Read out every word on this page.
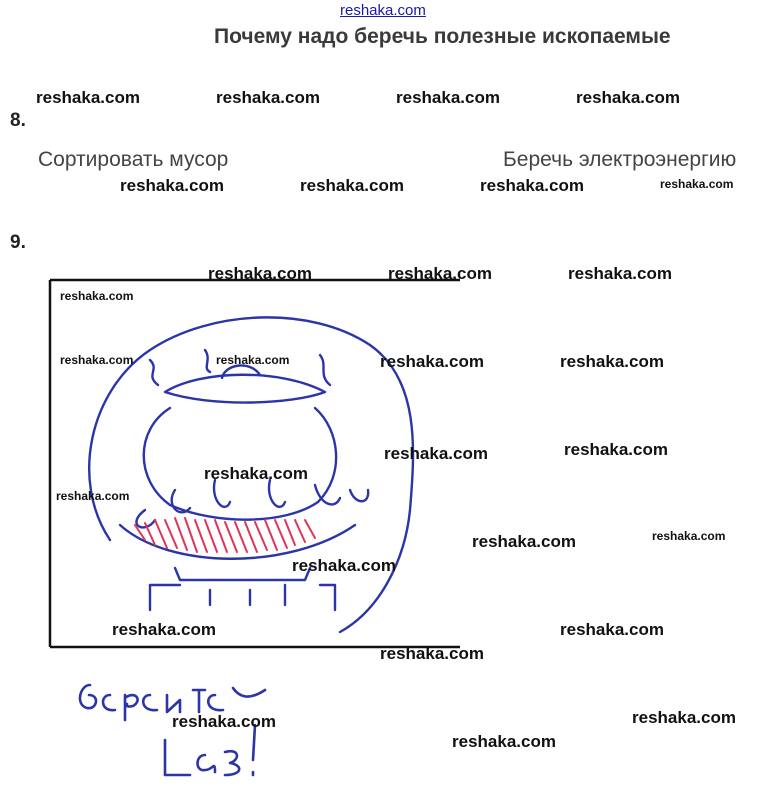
reshaka.com
Почему надо беречь полезные ископаемые
8.
Сортировать мусор	Беречь электроэнергию
9.
reshaka.com	reshaka.com	reshaka.com	reshaka.com
reshaka.com	reshaka.com	reshaka.com	reshaka.com
reshaka.com	reshaka.com	reshaka.com
reshaka.com
reshaka.com	reshaka.com	reshaka.com	reshaka.com
reshaka.com	reshaka.com
reshaka.com
reshaka.com
reshaka.com	reshaka.com
reshaka.com
reshaka.com	reshaka.com
reshaka.com
reshaka.com	reshaka.com
reshaka.com
